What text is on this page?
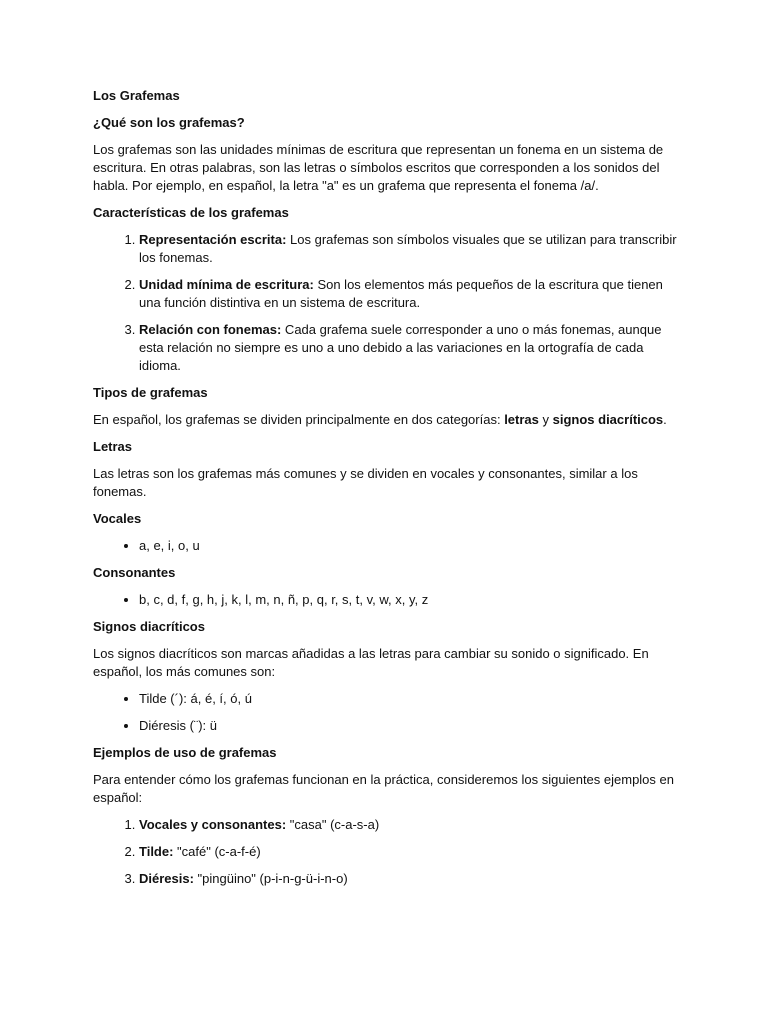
Los Grafemas
¿Qué son los grafemas?
Los grafemas son las unidades mínimas de escritura que representan un fonema en un sistema de escritura. En otras palabras, son las letras o símbolos escritos que corresponden a los sonidos del habla. Por ejemplo, en español, la letra "a" es un grafema que representa el fonema /a/.
Características de los grafemas
1. Representación escrita: Los grafemas son símbolos visuales que se utilizan para transcribir los fonemas.
2. Unidad mínima de escritura: Son los elementos más pequeños de la escritura que tienen una función distintiva en un sistema de escritura.
3. Relación con fonemas: Cada grafema suele corresponder a uno o más fonemas, aunque esta relación no siempre es uno a uno debido a las variaciones en la ortografía de cada idioma.
Tipos de grafemas
En español, los grafemas se dividen principalmente en dos categorías: letras y signos diacríticos.
Letras
Las letras son los grafemas más comunes y se dividen en vocales y consonantes, similar a los fonemas.
Vocales
• a, e, i, o, u
Consonantes
• b, c, d, f, g, h, j, k, l, m, n, ñ, p, q, r, s, t, v, w, x, y, z
Signos diacríticos
Los signos diacríticos son marcas añadidas a las letras para cambiar su sonido o significado. En español, los más comunes son:
• Tilde (´): á, é, í, ó, ú
• Diéresis (¨): ü
Ejemplos de uso de grafemas
Para entender cómo los grafemas funcionan en la práctica, consideremos los siguientes ejemplos en español:
1. Vocales y consonantes: "casa" (c-a-s-a)
2. Tilde: "café" (c-a-f-é)
3. Diéresis: "pingüino" (p-i-n-g-ü-i-n-o)
